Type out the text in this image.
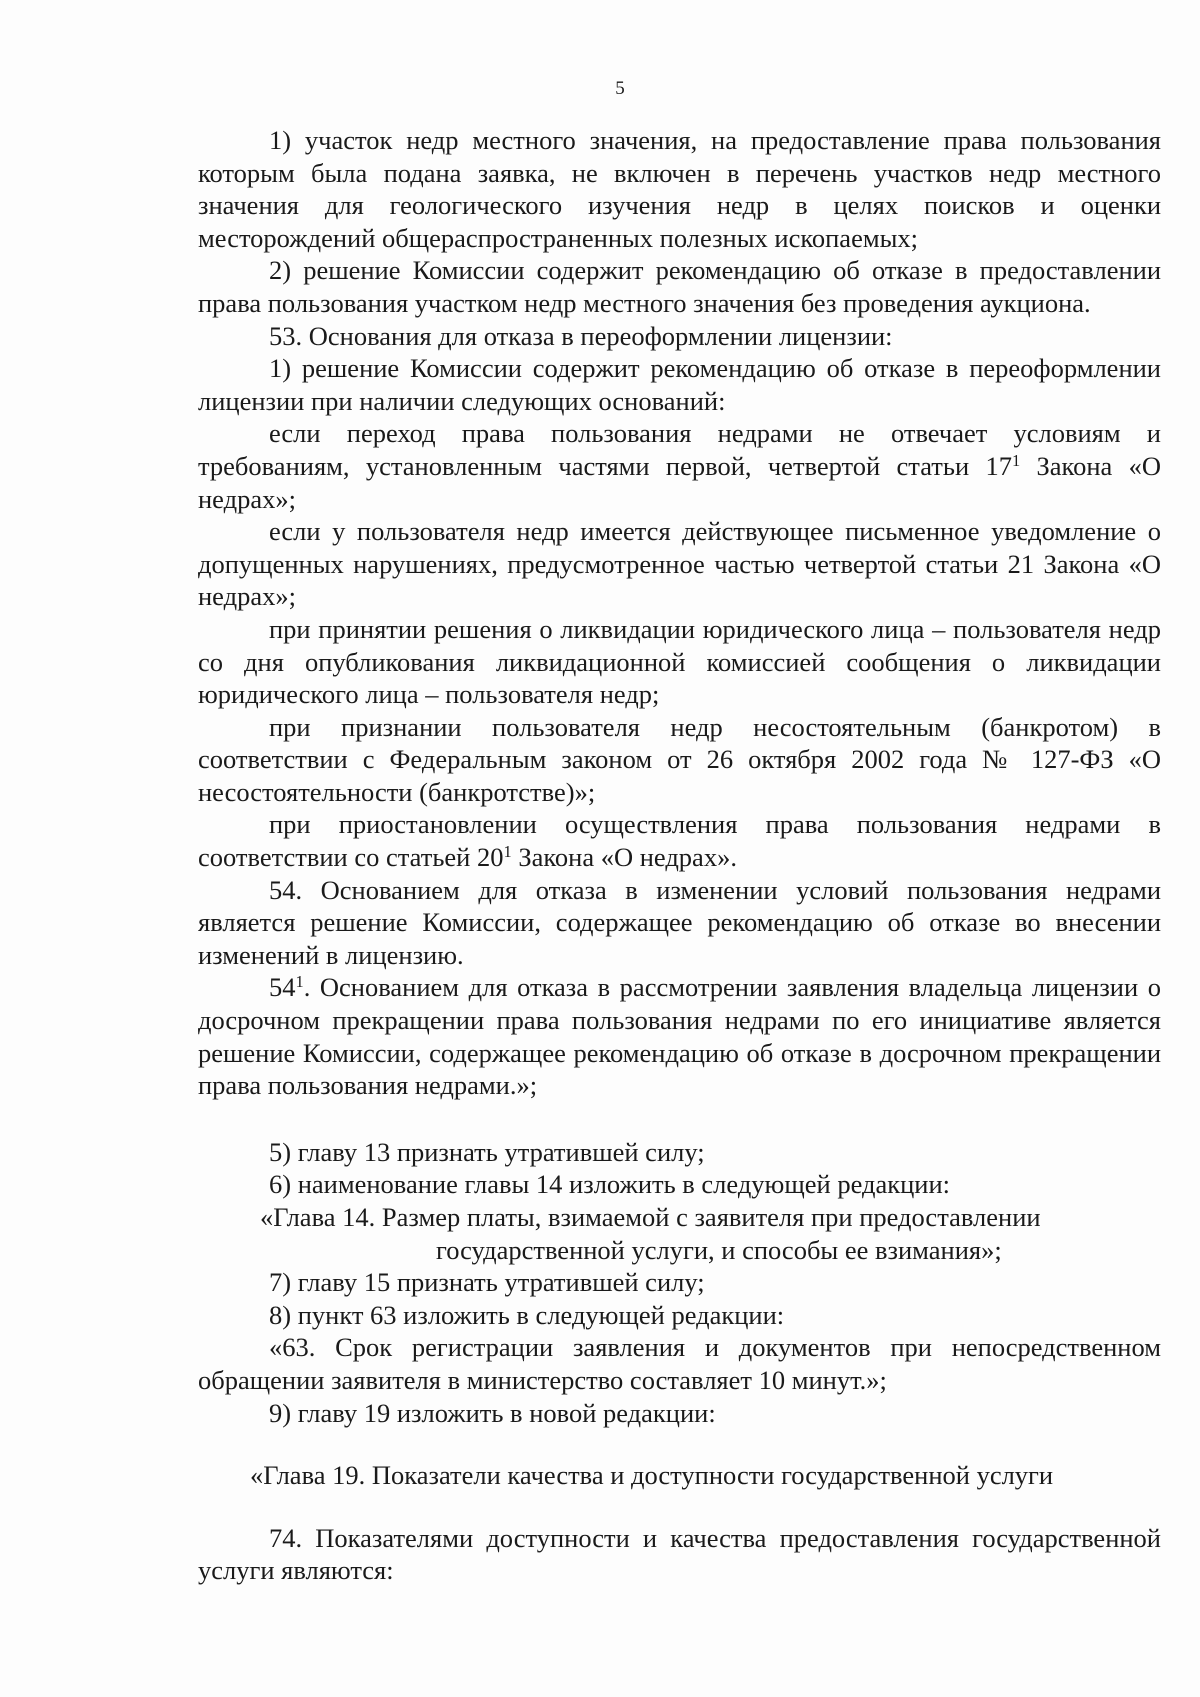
5

1) участок недр местного значения, на предоставление права пользования которым была подана заявка, не включен в перечень участков недр местного значения для геологического изучения недр в целях поисков и оценки месторождений общераспространенных полезных ископаемых;

2) решение Комиссии содержит рекомендацию об отказе в предоставлении права пользования участком недр местного значения без проведения аукциона.

53. Основания для отказа в переоформлении лицензии:

1) решение Комиссии содержит рекомендацию об отказе в переоформлении лицензии при наличии следующих оснований:

если переход права пользования недрами не отвечает условиям и требованиям, установленным частями первой, четвертой статьи $17^1$ Закона «О недрах»;

если у пользователя недр имеется действующее письменное уведомление о допущенных нарушениях, предусмотренное частью четвертой статьи 21 Закона «О недрах»;

при принятии решения о ликвидации юридического лица – пользователя недр со дня опубликования ликвидационной комиссией сообщения о ликвидации юридического лица – пользователя недр;

при признании пользователя недр несостоятельным (банкротом) в соответствии с Федеральным законом от 26 октября 2002 года № 127-ФЗ «О несостоятельности (банкротстве)»;

при приостановлении осуществления права пользования недрами в соответствии со статьей $20^1$ Закона «О недрах».

54. Основанием для отказа в изменении условий пользования недрами является решение Комиссии, содержащее рекомендацию об отказе во внесении изменений в лицензию.

$54^1$. Основанием для отказа в рассмотрении заявления владельца лицензии о досрочном прекращении права пользования недрами по его инициативе является решение Комиссии, содержащее рекомендацию об отказе в досрочном прекращении права пользования недрами.»;

5) главу 13 признать утратившей силу;

6) наименование главы 14 изложить в следующей редакции:

«Глава 14. Размер платы, взимаемой с заявителя при предоставлении
государственной услуги, и способы ее взимания»;

7) главу 15 признать утратившей силу;

8) пункт 63 изложить в следующей редакции:

«63. Срок регистрации заявления и документов при непосредственном обращении заявителя в министерство составляет 10 минут.»;

9) главу 19 изложить в новой редакции:

«Глава 19. Показатели качества и доступности государственной услуги

74. Показателями доступности и качества предоставления государственной услуги являются:
